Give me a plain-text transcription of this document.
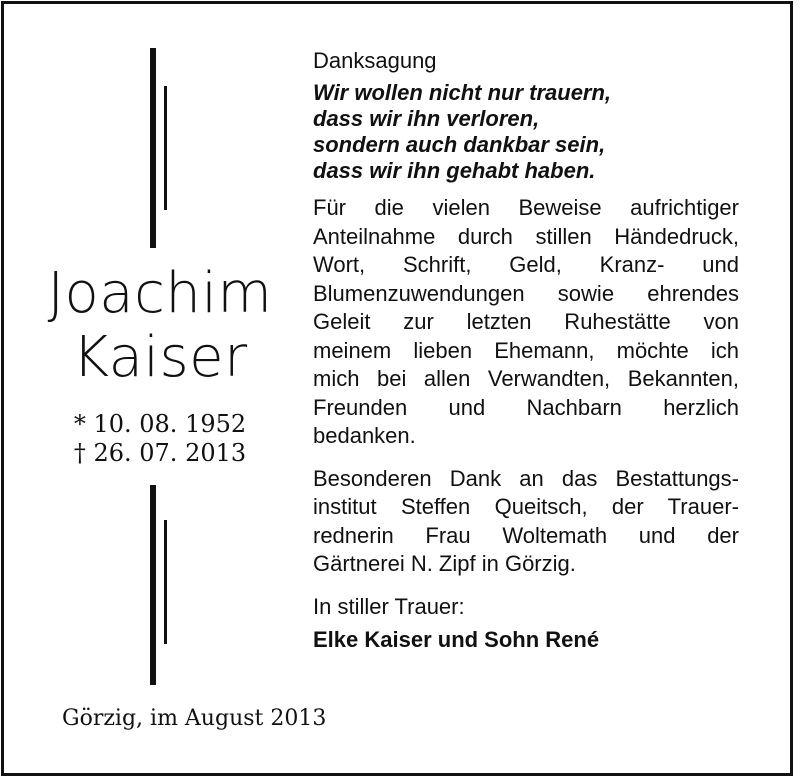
Joachim
Kaiser
* 10. 08. 1952
† 26. 07. 2013

Danksagung

Wir wollen nicht nur trauern,
dass wir ihn verloren,
sondern auch dankbar sein,
dass wir ihn gehabt haben.
Für die vielen Beweise aufrichtiger
Anteilnahme durch stillen Händedruck,
Wort, Schrift, Geld, Kranz- und
Blumenzuwendungen sowie ehrendes
Geleit zur letzten Ruhestätte von
meinem lieben Ehemann, möchte ich
mich bei allen Verwandten, Bekannten,
Freunden und Nachbarn herzlich
bedanken.
Besonderen Dank an das Bestattungs-
institut Steffen Queitsch, der Trauer-
rednerin Frau Woltemath und der
Gärtnerei N. Zipf in Görzig.

In stiller Trauer:

Elke Kaiser und Sohn René

Görzig, im August 2013
